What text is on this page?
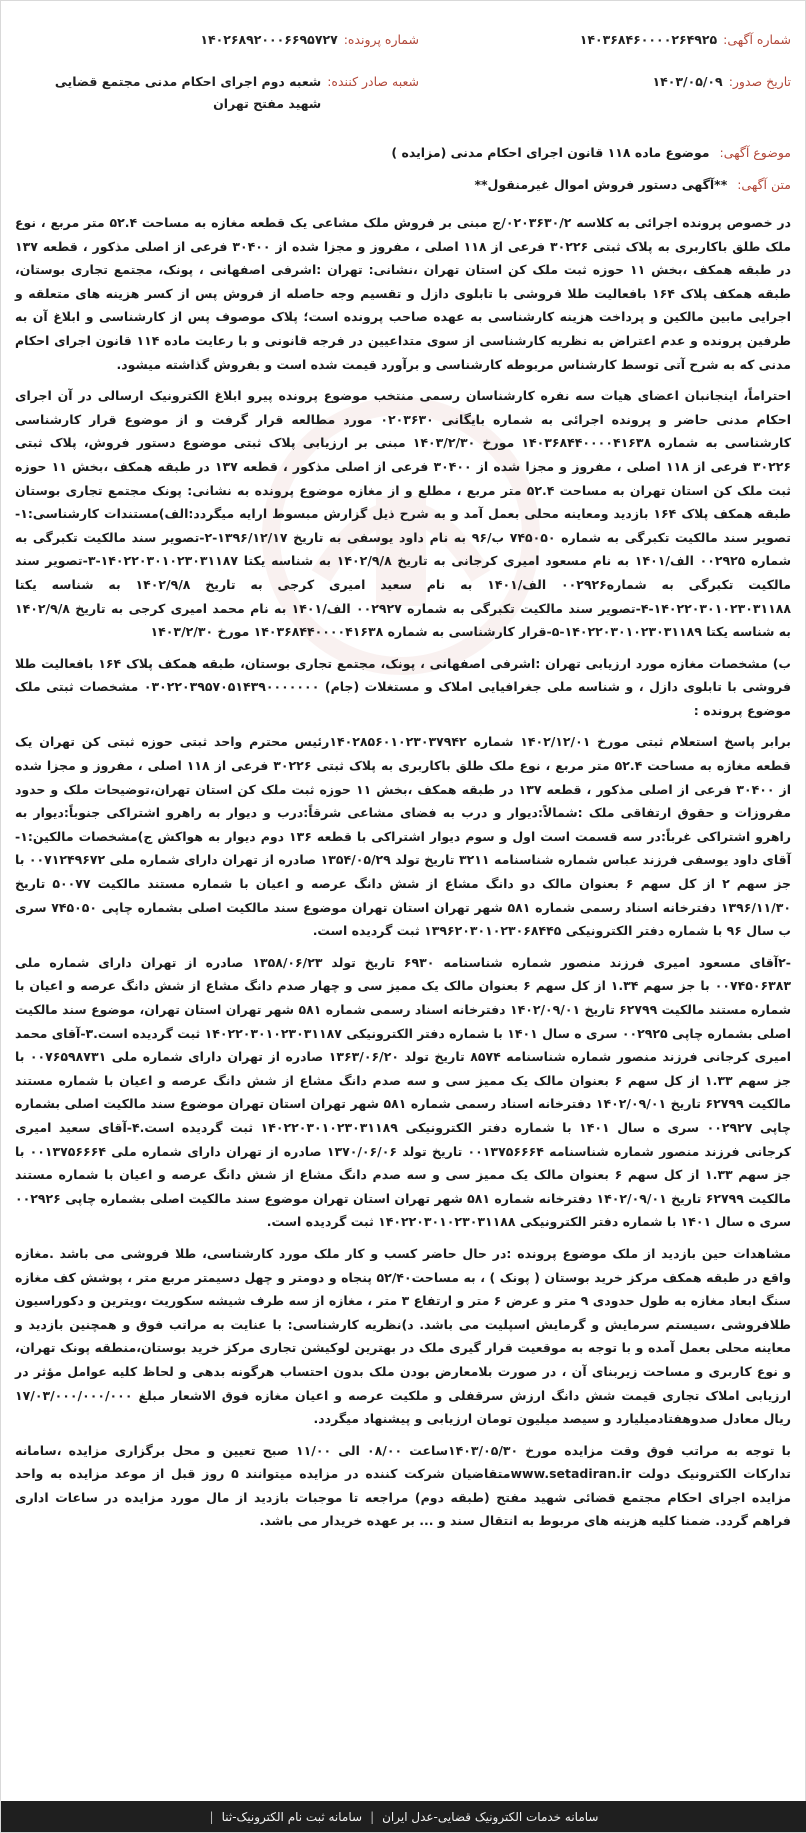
شماره آگهی:
۱۴۰۳۶۸۴۶۰۰۰۰۲۶۴۹۲۵
شماره پرونده:
۱۴۰۲۶۸۹۲۰۰۰۶۶۹۵۷۲۷
تاریخ صدور:
۱۴۰۳/۰۵/۰۹
شعبه صادر کننده:
شعبه دوم اجرای احکام مدنی مجتمع قضایی شهید مفتح تهران
موضوع آگهی: موضوع ماده ۱۱۸ قانون اجرای احکام مدنی (مزایده )
متن آگهی: **آگهی دستور فروش اموال غیرمنقول**

در خصوص پرونده اجرائی به کلاسه ۰۲۰۳۶۳۰/۲/ج مبنی بر فروش ملک مشاعی یک قطعه مغازه به مساحت ۵۲.۴ متر مربع ، نوع ملک طلق باکاربری به پلاک ثبتی ۳۰۲۲۶ فرعی از ۱۱۸ اصلی ، مفروز و مجزا شده از ۳۰۴۰۰ فرعی از اصلی مذکور ، قطعه ۱۳۷ در طبقه همکف ،بخش ۱۱ حوزه ثبت ملک کن استان تهران ،نشانی: تهران :اشرفی اصفهانی ، پونک، مجتمع تجاری بوستان، طبقه همکف پلاک ۱۶۴ بافعالیت طلا فروشی با تابلوی دازل و تقسیم وجه حاصله از فروش پس از کسر هزینه های متعلقه و اجرایی مابین مالکین و پرداخت هزینه کارشناسی به عهده صاحب پرونده است؛ پلاک موصوف پس از کارشناسی و ابلاغ آن به طرفین پرونده و عدم اعتراض به نظریه کارشناسی از سوی متداعیین در فرجه قانونی و با رعایت ماده ۱۱۴ قانون اجرای احکام مدنی که به شرح آتی توسط کارشناس مربوطه کارشناسی و برآورد قیمت شده است و بفروش گذاشته میشود.

احتراماً، اینجانبان اعضای هیات سه نفره کارشناسان رسمی منتخب موضوع پرونده پیرو ابلاغ الکترونیک ارسالی در آن اجرای احکام مدنی حاضر و پرونده اجرائی به شماره بایگانی ۰۲۰۳۶۳۰ مورد مطالعه قرار گرفت و از موضوع قرار کارشناسی کارشناسی به شماره ۱۴۰۳۶۸۴۴۰۰۰۰۴۱۶۳۸ مورخ ۱۴۰۳/۲/۳۰ مبنی بر ارزیابی پلاک ثبتی موضوع دستور فروش، پلاک ثبتی ۳۰۲۲۶ فرعی از ۱۱۸ اصلی ، مفروز و مجزا شده از ۳۰۴۰۰ فرعی از اصلی مذکور ، قطعه ۱۳۷ در طبقه همکف ،بخش ۱۱ حوزه ثبت ملک کن استان تهران به مساحت ۵۲.۴ متر مربع ، مطلع و از مغازه موضوع پرونده به نشانی: پونک مجتمع تجاری بوستان طبقه همکف پلاک ۱۶۴ بازدید ومعاینه محلی بعمل آمد و به شرح ذیل گزارش مبسوط ارایه میگردد:الف)مستندات کارشناسی:۱-تصویر سند مالکیت تکبرگی به شماره ۷۴۵۰۵۰ ب/۹۶ به نام داود یوسفی به تاریخ ۱۳۹۶/۱۲/۱۷-۲-تصویر سند مالکیت تکبرگی به شماره ۰۰۲۹۲۵ الف/۱۴۰۱ به نام مسعود امیری کرجانی به تاریخ ۱۴۰۲/۹/۸ به شناسه یکتا ۱۴۰۲۲۰۳۰۱۰۲۳۰۳۱۱۸۷-۳-تصویر سند مالکیت تکبرگی به شماره۰۰۲۹۲۶ الف/۱۴۰۱ به نام سعید امیری کرجی به تاریخ ۱۴۰۲/۹/۸ به شناسه یکتا ۱۴۰۲۲۰۳۰۱۰۲۳۰۳۱۱۸۸-۴-تصویر سند مالکیت تکبرگی به شماره ۰۰۲۹۲۷ الف/۱۴۰۱ به نام محمد امیری کرجی به تاریخ ۱۴۰۲/۹/۸ به شناسه یکتا ۱۴۰۲۲۰۳۰۱۰۲۳۰۳۱۱۸۹-۵-قرار کارشناسی به شماره ۱۴۰۳۶۸۴۴۰۰۰۰۴۱۶۳۸ مورخ ۱۴۰۳/۲/۳۰

ب) مشخصات مغازه مورد ارزیابی تهران :اشرفی اصفهانی ، پونک، مجتمع تجاری بوستان، طبقه همکف پلاک ۱۶۴ بافعالیت طلا فروشی با تابلوی دازل ، و شناسه ملی جغرافیایی املاک و مستغلات (جام) ۰۳۰۲۲۰۳۹۵۷۰۵۱۴۳۹۰۰۰۰۰۰۰ مشخصات ثبتی ملک موضوع پرونده :

برابر پاسخ استعلام ثبتی مورخ ۱۴۰۲/۱۲/۰۱ شماره ۱۴۰۲۸۵۶۰۱۰۲۳۰۳۷۹۴۲رئیس محترم واحد ثبتی حوزه ثبتی کن تهران یک قطعه مغازه به مساحت ۵۲.۴ متر مربع ، نوع ملک طلق باکاربری به پلاک ثبتی ۳۰۲۲۶ فرعی از ۱۱۸ اصلی ، مفروز و مجزا شده از ۳۰۴۰۰ فرعی از اصلی مذکور ، قطعه ۱۳۷ در طبقه همکف ،بخش ۱۱ حوزه ثبت ملک کن استان تهران،توضیحات ملک و حدود مفروزات و حقوق ارتفاقی ملک :شمالاً:دیوار و درب به فضای مشاعی شرقاً:درب و دیوار به راهرو اشتراکی جنوباً:دیوار به راهرو اشتراکی غرباً:در سه قسمت است اول و سوم دیوار اشتراکی با قطعه ۱۳۶ دوم دیوار به هواکش ج)مشخصات مالکین:۱-آقای داود یوسفی فرزند عباس شماره شناسنامه ۳۲۱۱ تاریخ تولد ۱۳۵۴/۰۵/۲۹ صادره از تهران دارای شماره ملی ۰۰۷۱۲۴۹۶۷۲ با جز سهم ۲ از کل سهم ۶ بعنوان مالک دو دانگ مشاع از شش دانگ عرصه و اعیان با شماره مستند مالکیت ۵۰۰۷۷ تاریخ ۱۳۹۶/۱۱/۳۰ دفترخانه اسناد رسمی شماره ۵۸۱ شهر تهران استان تهران موضوع سند مالکیت اصلی بشماره چاپی ۷۴۵۰۵۰ سری ب سال ۹۶ با شماره دفتر الکترونیکی ۱۳۹۶۲۰۳۰۱۰۲۳۰۶۸۴۴۵ ثبت گردیده است.

-۲آقای مسعود امیری فرزند منصور شماره شناسنامه ۶۹۳۰ تاریخ تولد ۱۳۵۸/۰۶/۲۳ صادره از تهران دارای شماره ملی ۰۰۷۴۵۰۶۳۸۳ با جز سهم ۱.۳۴ از کل سهم ۶ بعنوان مالک یک ممیز سی و چهار صدم دانگ مشاع از شش دانگ عرصه و اعیان با شماره مستند مالکیت ۶۲۷۹۹ تاریخ ۱۴۰۲/۰۹/۰۱ دفترخانه اسناد رسمی شماره ۵۸۱ شهر تهران استان تهران، موضوع سند مالکیت اصلی بشماره چاپی ۰۰۲۹۲۵ سری ه سال ۱۴۰۱ با شماره دفتر الکترونیکی ۱۴۰۲۲۰۳۰۱۰۲۳۰۳۱۱۸۷ ثبت گردیده است.۳-آقای محمد امیری کرجانی فرزند منصور شماره شناسنامه ۸۵۷۴ تاریخ تولد ۱۳۶۳/۰۶/۲۰ صادره از تهران دارای شماره ملی ۰۰۷۶۵۹۸۷۳۱ با جز سهم ۱.۳۳ از کل سهم ۶ بعنوان مالک یک ممیز سی و سه صدم دانگ مشاع از شش دانگ عرصه و اعیان با شماره مستند مالکیت ۶۲۷۹۹ تاریخ ۱۴۰۲/۰۹/۰۱ دفترخانه اسناد رسمی شماره ۵۸۱ شهر تهران استان تهران موضوع سند مالکیت اصلی بشماره چاپی ۰۰۲۹۲۷ سری ه سال ۱۴۰۱ با شماره دفتر الکترونیکی ۱۴۰۲۲۰۳۰۱۰۲۳۰۳۱۱۸۹ ثبت گردیده است.۴-آقای سعید امیری کرجانی فرزند منصور شماره شناسنامه ۰۰۱۳۷۵۶۶۶۴ تاریخ تولد ۱۳۷۰/۰۶/۰۶ صادره از تهران دارای شماره ملی ۰۰۱۳۷۵۶۶۶۴ با جز سهم ۱.۳۳ از کل سهم ۶ بعنوان مالک یک ممیز سی و سه صدم دانگ مشاع از شش دانگ عرصه و اعیان با شماره مستند مالکیت ۶۲۷۹۹ تاریخ ۱۴۰۲/۰۹/۰۱ دفترخانه شماره ۵۸۱ شهر تهران استان تهران موضوع سند مالکیت اصلی بشماره چاپی ۰۰۲۹۲۶ سری ه سال ۱۴۰۱ با شماره دفتر الکترونیکی ۱۴۰۲۲۰۳۰۱۰۲۳۰۳۱۱۸۸ ثبت گردیده است.

مشاهدات حین بازدید از ملک موضوع پرونده :در حال حاضر کسب و کار ملک مورد کارشناسی، طلا فروشی می باشد .مغازه واقع در طبقه همکف مرکز خرید بوستان ( پونک ) ، به مساحت۵۲/۴۰ پنجاه و دومتر و چهل دسیمتر مربع متر ، پوشش کف مغازه سنگ ابعاد مغازه به طول حدودی ۹ متر و عرض ۶ متر و ارتفاع ۳ متر ، مغازه از سه طرف شیشه سکوریت ،ویترین و دکوراسیون طلافروشی ،سیستم سرمایش و گرمایش اسپلیت می باشد. د)نظریه کارشناسی: با عنایت به مراتب فوق و همچنین بازدید و معاینه محلی بعمل آمده و با توجه به موقعیت قرار گیری ملک در بهترین لوکیشن تجاری مرکز خرید بوستان،منطقه پونک تهران، و نوع کاربری و مساحت زیربنای آن ، در صورت بلامعارض بودن ملک بدون احتساب هرگونه بدهی و لحاظ کلیه عوامل مؤثر در ارزیابی املاک تجاری قیمت شش دانگ ارزش سرقفلی و ملکیت عرصه و اعیان مغازه فوق الاشعار مبلغ ۱۷/۰۳/۰۰۰/۰۰۰/۰۰۰ ریال معادل صدوهفتادمیلیارد و سیصد میلیون تومان ارزیابی و پیشنهاد میگردد.

با توجه به مراتب فوق وقت مزایده مورخ ۱۴۰۳/۰۵/۳۰ساعت ۰۸/۰۰ الی ۱۱/۰۰ صبح تعیین و محل برگزاری مزایده ،سامانه تدارکات الکترونیک دولت www.setadiran.irمتقاضیان شرکت کننده در مزایده میتوانند ۵ روز قبل از موعد مزایده به واحد مزایده اجرای احکام مجتمع قضائی شهید مفتح (طبقه دوم) مراجعه تا موجبات بازدید از مال مورد مزایده در ساعات اداری فراهم گردد. ضمنا کلیه هزینه های مربوط به انتقال سند و ... بر عهده خریدار می باشد.

سامانه خدمات الکترونیک قضایی-عدل ایران
|
سامانه ثبت نام الکترونیک-ثنا
|
